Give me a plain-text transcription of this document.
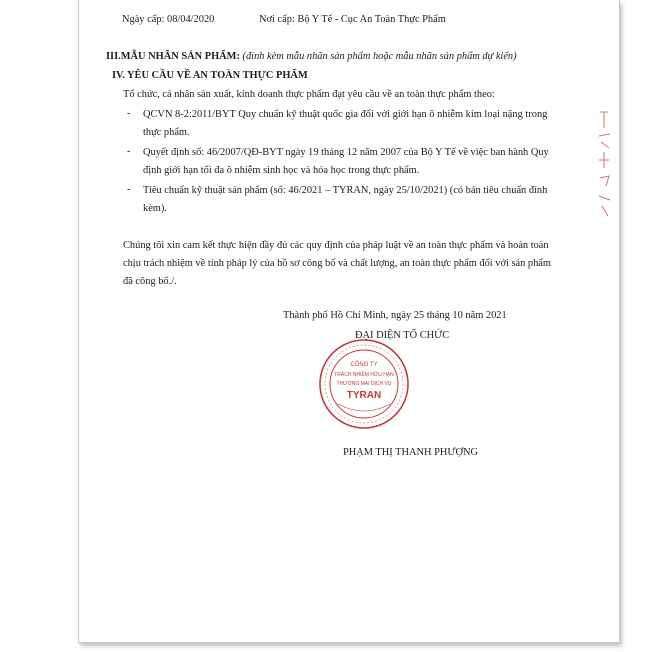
Ngày cấp: 08/04/2020	Nơi cấp: Bộ Y Tế - Cục An Toàn Thực Phẩm
III.MẪU NHÃN SẢN PHẨM: (đính kèm mẫu nhãn sản phẩm hoặc mẫu nhãn sản phẩm dự kiến)
IV. YÊU CẦU VỀ AN TOÀN THỰC PHẨM
Tổ chức, cá nhân sản xuất, kinh doanh thực phẩm đạt yêu cầu về an toàn thực phẩm theo:
- QCVN 8-2:2011/BYT Quy chuẩn kỹ thuật quốc gia đối với giới hạn ô nhiễm kim loại nặng trong
thực phẩm.
- Quyết định số: 46/2007/QĐ-BYT ngày 19 tháng 12 năm 2007 của Bộ Y Tế về việc ban hành Quy
định giới hạn tối đa ô nhiễm sinh học và hóa học trong thực phẩm.
- Tiêu chuẩn kỹ thuật sản phẩm (số: 46/2021 – TYRAN, ngày 25/10/2021) (có bản tiêu chuẩn đính
kèm).
Chúng tôi xin cam kết thực hiện đầy đủ các quy định của pháp luật về an toàn thực phẩm và hoàn toàn
chịu trách nhiệm về tính pháp lý của hồ sơ công bố và chất lượng, an toàn thực phẩm đối với sản phẩm
đã công bố./.
Thành phố Hồ Chí Minh, ngày 25 tháng 10 năm 2021
ĐẠI DIỆN TỔ CHỨC
PHẠM THỊ THANH PHƯỢNG
CÔNG TY
TRÁCH NHIỆM HỮU HẠN
THƯƠNG MẠI DỊCH VỤ
TYRAN
